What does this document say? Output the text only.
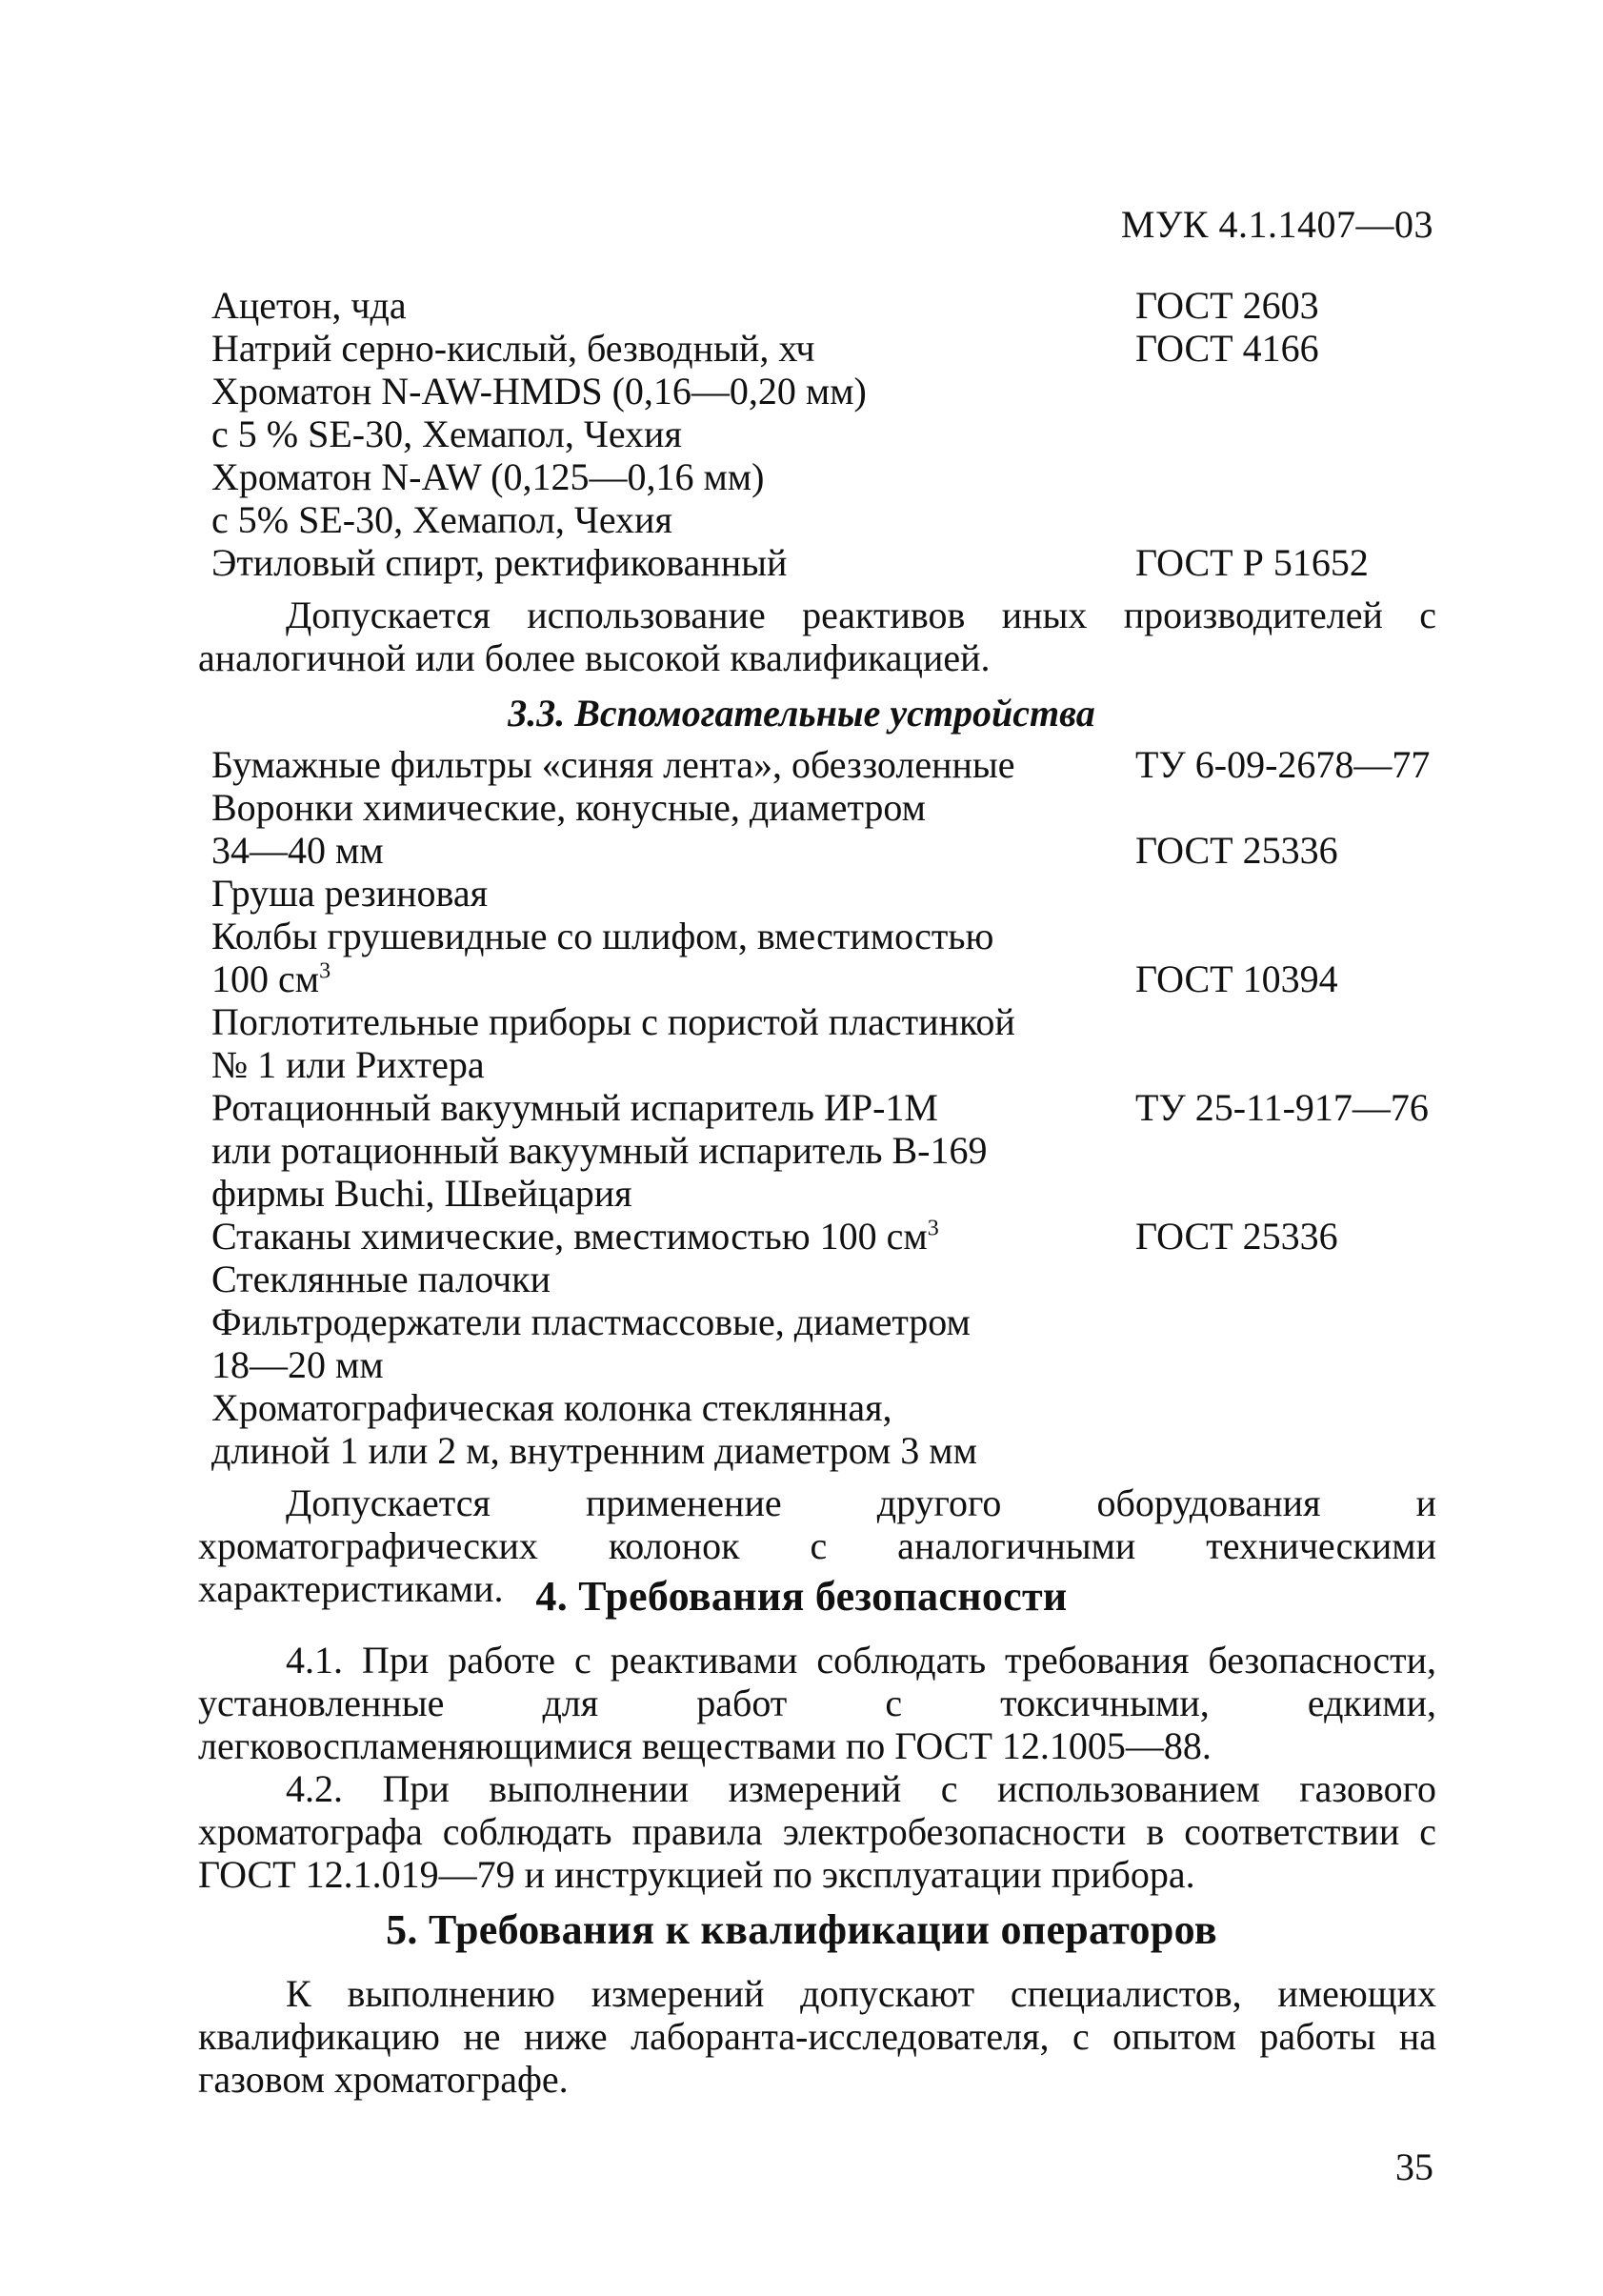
МУК 4.1.1407—03
Ацетон, чда	ГОСТ 2603
Натрий серно-кислый, безводный, хч	ГОСТ 4166
Хроматон N-AW-HMDS (0,16—0,20 мм)
с 5 % SE-30, Хемапол, Чехия
Хроматон N-AW (0,125—0,16 мм)
с 5% SE-30, Хемапол, Чехия
Этиловый спирт, ректификованный	ГОСТ Р 51652
Допускается использование реактивов иных производителей с аналогичной или более высокой квалификацией.
3.3. Вспомогательные устройства
Бумажные фильтры «синяя лента», обеззоленные	ТУ 6-09-2678—77
Воронки химические, конусные, диаметром
34—40 мм	ГОСТ 25336
Груша резиновая
Колбы грушевидные со шлифом, вместимостью
100 $см^3$	ГОСТ 10394
Поглотительные приборы с пористой пластинкой
№ 1 или Рихтера
Ротационный вакуумный испаритель ИР-1М	ТУ 25-11-917—76
или ротационный вакуумный испаритель В-169
фирмы Buchi, Швейцария
Стаканы химические, вместимостью 100 $см^3$	ГОСТ 25336
Стеклянные палочки
Фильтродержатели пластмассовые, диаметром
18—20 мм
Хроматографическая колонка стеклянная,
длиной 1 или 2 м, внутренним диаметром 3 мм
Допускается применение другого оборудования и хроматографических колонок с аналогичными техническими характеристиками. 4. Требования безопасности
4.1. При работе с реактивами соблюдать требования безопасности, установленные для работ с токсичными, едкими, легковоспламеняющимися веществами по ГОСТ 12.1005—88.
4.2. При выполнении измерений с использованием газового хроматографа соблюдать правила электробезопасности в соответствии с ГОСТ 12.1.019—79 и инструкцией по эксплуатации прибора.
5. Требования к квалификации операторов
К выполнению измерений допускают специалистов, имеющих квалификацию не ниже лаборанта-исследователя, с опытом работы на газовом хроматографе.
35
